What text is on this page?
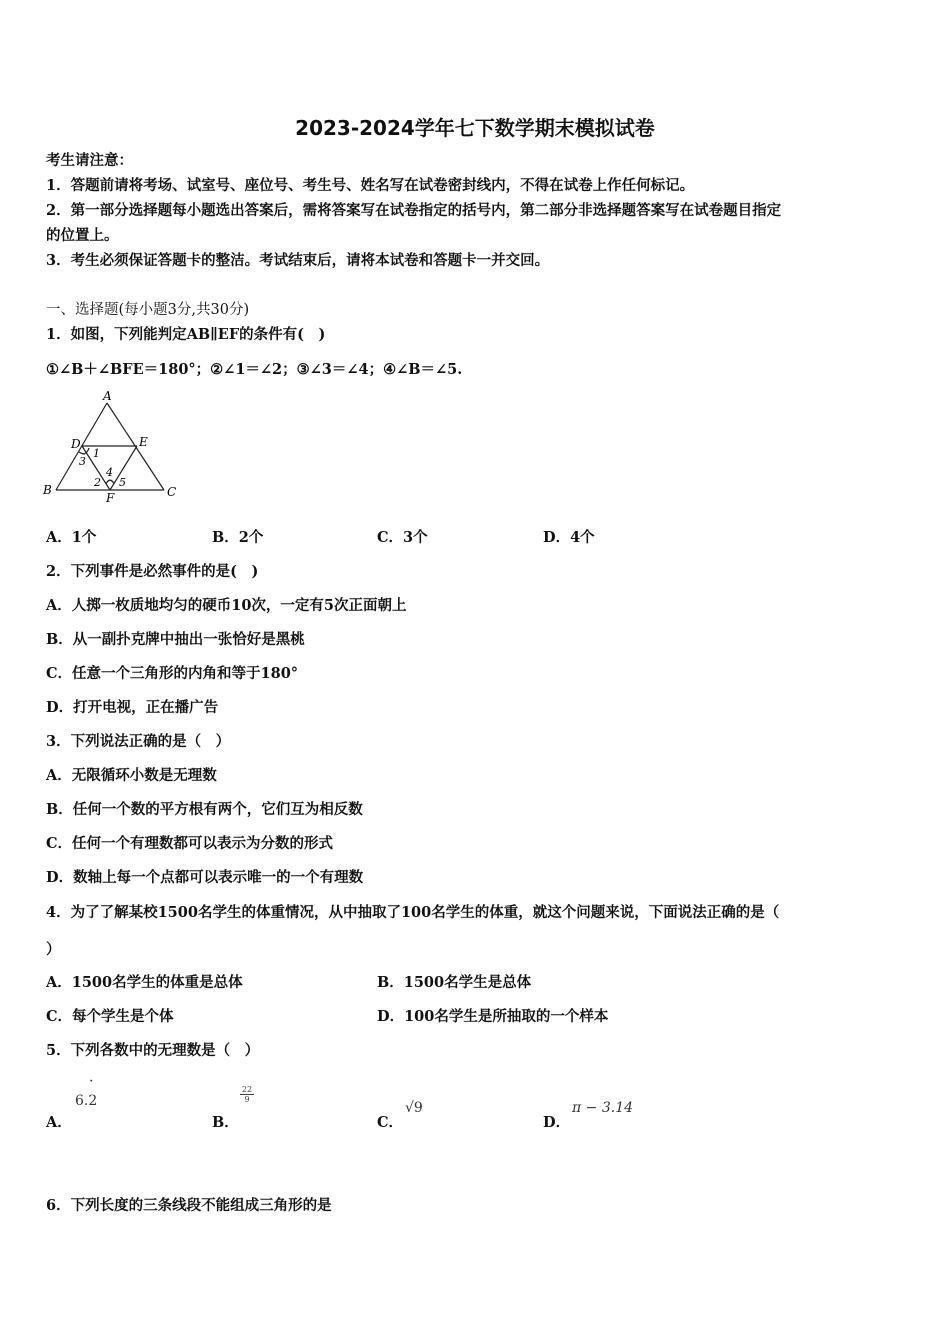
2023-2024学年七下数学期末模拟试卷
考生请注意：
1．答题前请将考场、试室号、座位号、考生号、姓名写在试卷密封线内，不得在试卷上作任何标记。
2．第一部分选择题每小题选出答案后，需将答案写在试卷指定的括号内，第二部分非选择题答案写在试卷题目指定
的位置上。
3．考生必须保证答题卡的整洁。考试结束后，请将本试卷和答题卡一并交回。
一、选择题(每小题3分,共30分)
1．如图，下列能判定AB∥EF的条件有(　)
①∠B＋∠BFE＝180°；②∠1＝∠2；③∠3＝∠4；④∠B＝∠5.
A
B	C
D	E
F
1
3
4
2 5
A．1个	B．2个	C．3个	D．4个
2．下列事件是必然事件的是(　)
A．人掷一枚质地均匀的硬币10次，一定有5次正面朝上
B．从一副扑克牌中抽出一张恰好是黑桃
C．任意一个三角形的内角和等于180°
D．打开电视，正在播广告
3．下列说法正确的是（　）
A．无限循环小数是无理数
B．任何一个数的平方根有两个，它们互为相反数
C．任何一个有理数都可以表示为分数的形式
D．数轴上每一个点都可以表示唯一的一个有理数
4．为了了解某校1500名学生的体重情况，从中抽取了100名学生的体重，就这个问题来说，下面说法正确的是（
）
A．1500名学生的体重是总体	B．1500名学生是总体
C．每个学生是个体	D．100名学生是所抽取的一个样本
5．下列各数中的无理数是（　）
6.2
˙	$\frac{22}{9}$
√9	π − 3.14
A．	B．	C．	D．
6．下列长度的三条线段不能组成三角形的是
